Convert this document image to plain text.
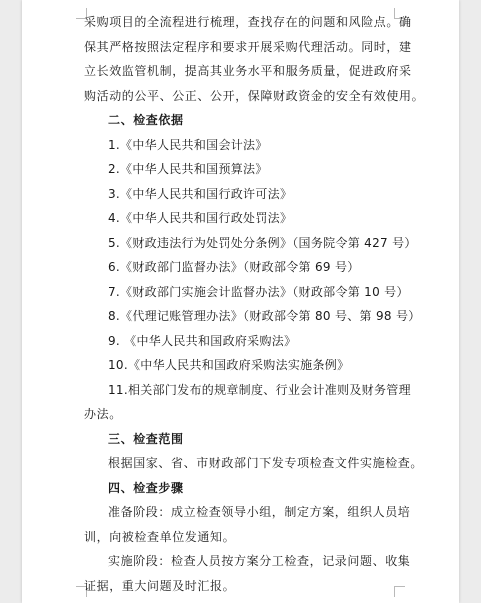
采购项目的全流程进行梳理，查找存在的问题和风险点。确

保其严格按照法定程序和要求开展采购代理活动。同时，建

立长效监管机制，提高其业务水平和服务质量，促进政府采

购活动的公平、公正、公开，保障财政资金的安全有效使用。

二、检查依据

1.《中华人民共和国会计法》

2.《中华人民共和国预算法》

3.《中华人民共和国行政许可法》

4.《中华人民共和国行政处罚法》

5.《财政违法行为处罚处分条例》（国务院令第 427 号）

6.《财政部门监督办法》（财政部令第 69 号）

7.《财政部门实施会计监督办法》（财政部令第 10 号）

8.《代理记账管理办法》（财政部令第 80 号、第 98 号）

9. 《中华人民共和国政府采购法》

10.《中华人民共和国政府采购法实施条例》

11.相关部门发布的规章制度、行业会计准则及财务管理

办法。

三、检查范围

根据国家、省、市财政部门下发专项检查文件实施检查。

四、检查步骤

准备阶段：成立检查领导小组，制定方案，组织人员培

训，向被检查单位发通知。

实施阶段：检查人员按方案分工检查，记录问题、收集

证据，重大问题及时汇报。
